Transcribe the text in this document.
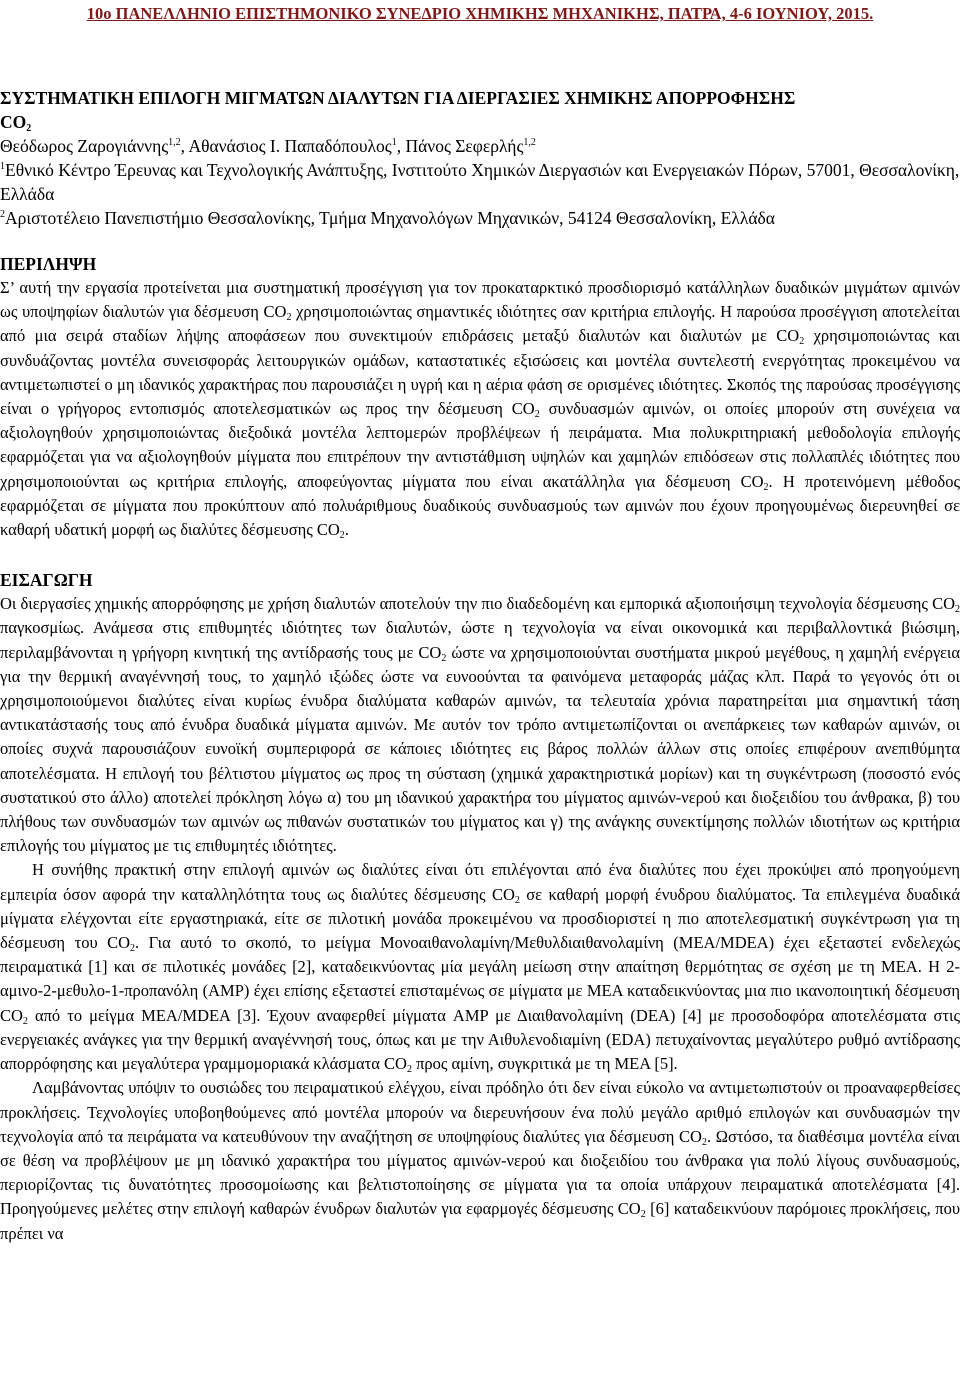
10ο ΠΑΝΕΛΛΗΝΙΟ ΕΠΙΣΤΗΜΟΝΙΚΟ ΣΥΝΕΔΡΙΟ ΧΗΜΙΚΗΣ ΜΗΧΑΝΙΚΗΣ, ΠΑΤΡΑ, 4-6 ΙΟΥΝΙΟΥ, 2015.
ΣΥΣΤΗΜΑΤΙΚΗ ΕΠΙΛΟΓΗ ΜΙΓΜΑΤΩΝ ΔΙΑΛΥΤΩΝ ΓΙΑ ΔΙΕΡΓΑΣΙΕΣ ΧΗΜΙΚΗΣ ΑΠΟΡΡΟΦΗΣΗΣ
$CO_2$
Θεόδωρος Ζαρογιάννης$^{1,2}$, Αθανάσιος Ι. Παπαδόπουλος$^1$, Πάνος Σεφερλής$^{1,2}$
$^1$Εθνικό Κέντρο Έρευνας και Τεχνολογικής Ανάπτυξης, Ινστιτούτο Χημικών Διεργασιών και Ενεργειακών Πόρων, 57001, Θεσσαλονίκη, Ελλάδα
$^2$Αριστοτέλειο Πανεπιστήμιο Θεσσαλονίκης, Τμήμα Μηχανολόγων Μηχανικών, 54124 Θεσσαλονίκη, Ελλάδα
ΠΕΡΙΛΗΨΗ

Σ’ αυτή την εργασία προτείνεται μια συστηματική προσέγγιση για τον προκαταρκτικό προσδιορισμό κατάλληλων δυαδικών μιγμάτων αμινών ως υποψηφίων διαλυτών για δέσμευση $CO_2$ χρησιμοποιώντας σημαντικές ιδιότητες σαν κριτήρια επιλογής. Η παρούσα προσέγγιση αποτελείται από μια σειρά σταδίων λήψης αποφάσεων που συνεκτιμούν επιδράσεις μεταξύ διαλυτών και διαλυτών με $CO_2$ χρησιμοποιώντας και συνδυάζοντας μοντέλα συνεισφοράς λειτουργικών ομάδων, καταστατικές εξισώσεις και μοντέλα συντελεστή ενεργότητας προκειμένου να αντιμετωπιστεί ο μη ιδανικός χαρακτήρας που παρουσιάζει η υγρή και η αέρια φάση σε ορισμένες ιδιότητες. Σκοπός της παρούσας προσέγγισης είναι ο γρήγορος εντοπισμός αποτελεσματικών ως προς την δέσμευση $CO_2$ συνδυασμών αμινών, οι οποίες μπορούν στη συνέχεια να αξιολογηθούν χρησιμοποιώντας διεξοδικά μοντέλα λεπτομερών προβλέψεων ή πειράματα. Μια πολυκριτηριακή μεθοδολογία επιλογής εφαρμόζεται για να αξιολογηθούν μίγματα που επιτρέπουν την αντιστάθμιση υψηλών και χαμηλών επιδόσεων στις πολλαπλές ιδιότητες που χρησιμοποιούνται ως κριτήρια επιλογής, αποφεύγοντας μίγματα που είναι ακατάλληλα για δέσμευση $CO_2$. Η προτεινόμενη μέθοδος εφαρμόζεται σε μίγματα που προκύπτουν από πολυάριθμους δυαδικούς συνδυασμούς των αμινών που έχουν προηγουμένως διερευνηθεί σε καθαρή υδατική μορφή ως διαλύτες δέσμευσης $CO_2$.

ΕΙΣΑΓΩΓΗ

Οι διεργασίες χημικής απορρόφησης με χρήση διαλυτών αποτελούν την πιο διαδεδομένη και εμπορικά αξιοποιήσιμη τεχνολογία δέσμευσης $CO_2$ παγκοσμίως. Ανάμεσα στις επιθυμητές ιδιότητες των διαλυτών, ώστε η τεχνολογία να είναι οικονομικά και περιβαλλοντικά βιώσιμη, περιλαμβάνονται η γρήγορη κινητική της αντίδρασής τους με $CO_2$ ώστε να χρησιμοποιούνται συστήματα μικρού μεγέθους, η χαμηλή ενέργεια για την θερμική αναγέννησή τους, το χαμηλό ιξώδες ώστε να ευνοούνται τα φαινόμενα μεταφοράς μάζας κλπ. Παρά το γεγονός ότι οι χρησιμοποιούμενοι διαλύτες είναι κυρίως ένυδρα διαλύματα καθαρών αμινών, τα τελευταία χρόνια παρατηρείται μια σημαντική τάση αντικατάστασής τους από ένυδρα δυαδικά μίγματα αμινών. Με αυτόν τον τρόπο αντιμετωπίζονται οι ανεπάρκειες των καθαρών αμινών, οι οποίες συχνά παρουσιάζουν ευνοϊκή συμπεριφορά σε κάποιες ιδιότητες εις βάρος πολλών άλλων στις οποίες επιφέρουν ανεπιθύμητα αποτελέσματα. Η επιλογή του βέλτιστου μίγματος ως προς τη σύσταση (χημικά χαρακτηριστικά μορίων) και τη συγκέντρωση (ποσοστό ενός συστατικού στο άλλο) αποτελεί πρόκληση λόγω α) του μη ιδανικού χαρακτήρα του μίγματος αμινών-νερού και διοξειδίου του άνθρακα, β) του πλήθους των συνδυασμών των αμινών ως πιθανών συστατικών του μίγματος και γ) της ανάγκης συνεκτίμησης πολλών ιδιοτήτων ως κριτήρια επιλογής του μίγματος με τις επιθυμητές ιδιότητες.

Η συνήθης πρακτική στην επιλογή αμινών ως διαλύτες είναι ότι επιλέγονται από ένα διαλύτες που έχει προκύψει από προηγούμενη εμπειρία όσον αφορά την καταλληλότητα τους ως διαλύτες δέσμευσης $CO_2$ σε καθαρή μορφή ένυδρου διαλύματος. Τα επιλεγμένα δυαδικά μίγματα ελέγχονται είτε εργαστηριακά, είτε σε πιλοτική μονάδα προκειμένου να προσδιοριστεί η πιο αποτελεσματική συγκέντρωση για τη δέσμευση του $CO_2$. Για αυτό το σκοπό, το μείγμα Μονοαιθανολαμίνη/Μεθυλδιαιθανολαμίνη (MEA/MDEA) έχει εξεταστεί ενδελεχώς πειραματικά [1] και σε πιλοτικές μονάδες [2], καταδεικνύοντας μία μεγάλη μείωση στην απαίτηση θερμότητας σε σχέση με τη MEA. Η 2-αμινο-2-μεθυλο-1-προπανόλη (AMP) έχει επίσης εξεταστεί επισταμένως σε μίγματα με MEA καταδεικνύοντας μια πιο ικανοποιητική δέσμευση $CO_2$ από το μείγμα MEA/MDEA [3]. Έχουν αναφερθεί μίγματα AMP με Διαιθανολαμίνη (DEA) [4] με προσοδοφόρα αποτελέσματα στις ενεργειακές ανάγκες για την θερμική αναγέννησή τους, όπως και με την Αιθυλενοδιαμίνη (EDA) πετυχαίνοντας μεγαλύτερο ρυθμό αντίδρασης απορρόφησης και μεγαλύτερα γραμμομοριακά κλάσματα $CO_2$ προς αμίνη, συγκριτικά με τη MEA [5].

Λαμβάνοντας υπόψιν το ουσιώδες του πειραματικού ελέγχου, είναι πρόδηλο ότι δεν είναι εύκολο να αντιμετωπιστούν οι προαναφερθείσες προκλήσεις. Τεχνολογίες υποβοηθούμενες από μοντέλα μπορούν να διερευνήσουν ένα πολύ μεγάλο αριθμό επιλογών και συνδυασμών την τεχνολογία από τα πειράματα να κατευθύνουν την αναζήτηση σε υποψηφίους διαλύτες για δέσμευση $CO_2$. Ωστόσο, τα διαθέσιμα μοντέλα είναι σε θέση να προβλέψουν με μη ιδανικό χαρακτήρα του μίγματος αμινών-νερού και διοξειδίου του άνθρακα για πολύ λίγους συνδυασμούς, περιορίζοντας τις δυνατότητες προσομοίωσης και βελτιστοποίησης σε μίγματα για τα οποία υπάρχουν πειραματικά αποτελέσματα [4]. Προηγούμενες μελέτες στην επιλογή καθαρών ένυδρων διαλυτών για εφαρμογές δέσμευσης $CO_2$ [6] καταδεικνύουν παρόμοιες προκλήσεις, που πρέπει να
